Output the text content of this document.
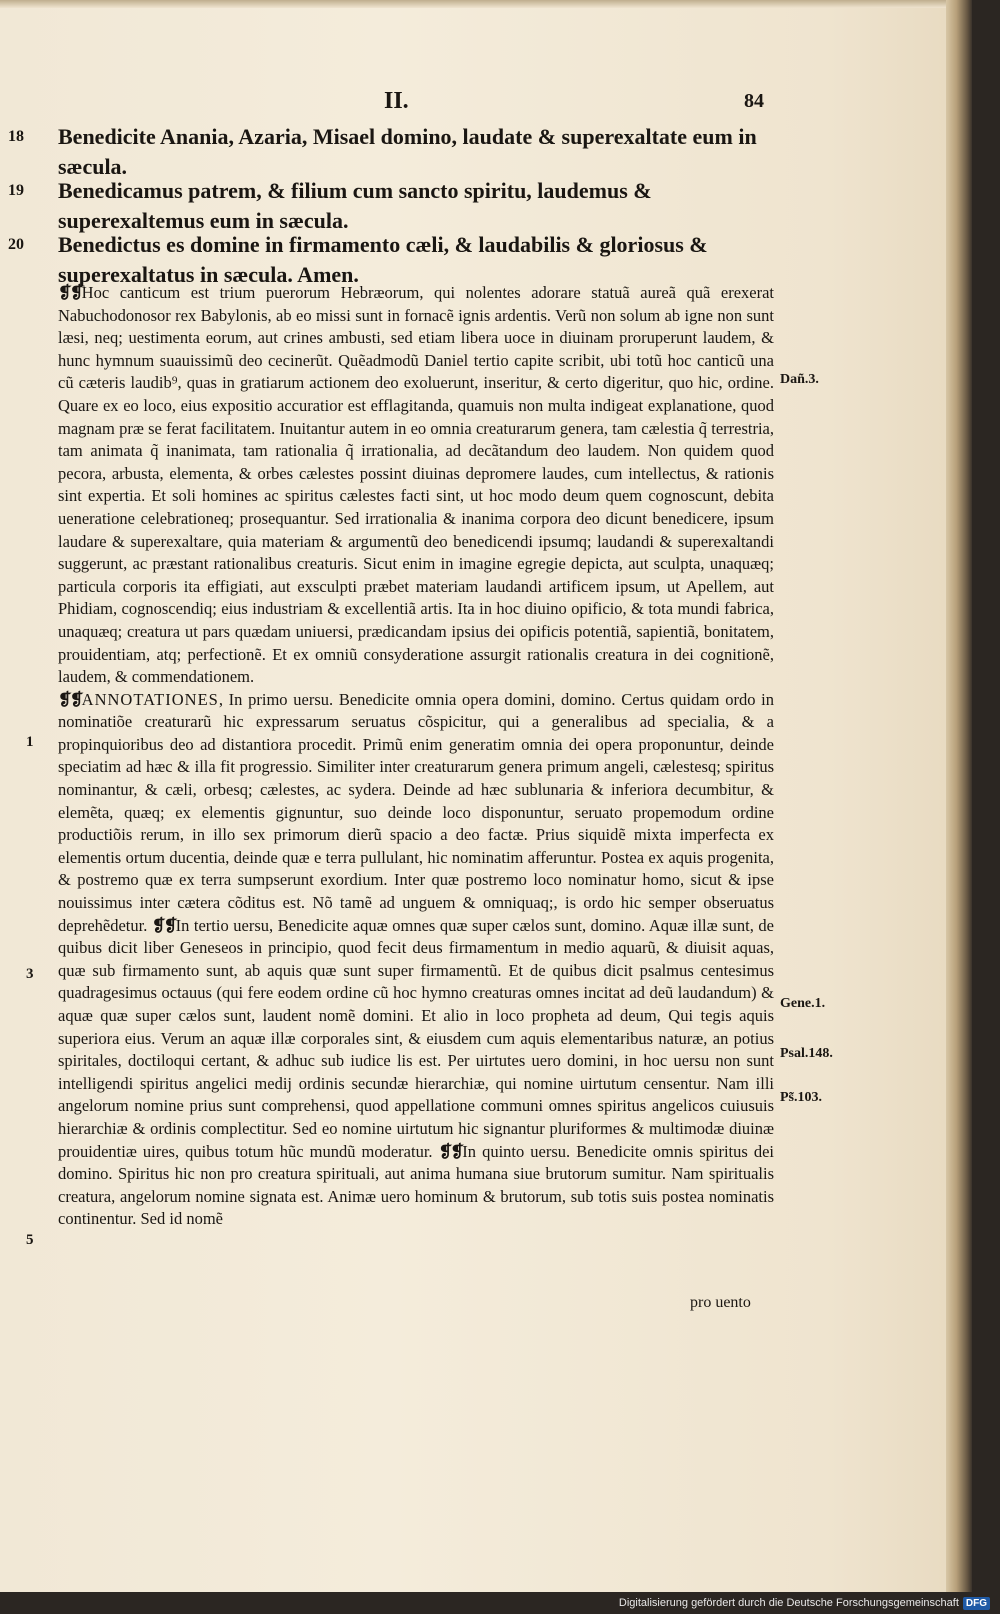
II.	84
18 Benedicite Anania, Azaria, Misael domino, laudate & superexaltate eum in sæcula.
19 Benedicamus patrem, & filium cum sancto spiritu, laudemus & superexaltemus eum in sæcula.
20 Benedictus es domine in firmamento cæli, & laudabilis & gloriosus & superexaltatus in sæcula. Amen.

❡❡Hoc canticum est trium puerorum Hebræorum, qui nolentes adorare statuã aureã quã erexerat Nabuchodonosor rex Babylonis, ab eo missi sunt in fornacẽ ignis ardentis. Verũ non solum ab igne non sunt læsi, neq; uestimenta eorum, aut crines ambusti, sed etiam libera uoce in diuinam proruperunt laudem, & hunc hymnum suauissimũ deo cecinerũt. Quẽadmodũ Daniel tertio capite scribit, ubi totũ hoc canticũ una cũ cæteris laudib⁹, quas in gratiarum actionem deo exoluerunt, inseritur, & certo digeritur, quo hic, ordine. Quare ex eo loco, eius expositio accuratior est efflagitanda, quamuis non multa indigeat explanatione, quod magnam præ se ferat facilitatem. Inuitantur autem in eo omnia creaturarum genera, tam cælestia q̃ terrestria, tam animata q̃ inanimata, tam rationalia q̃ irrationalia, ad decãtandum deo laudem. Non quidem quod pecora, arbusta, elementa, & orbes cælestes possint diuinas depromere laudes, cum intellectus, & rationis sint expertia. Et soli homines ac spiritus cælestes facti sint, ut hoc modo deum quem cognoscunt, debita ueneratione celebrationeq; prosequantur. Sed irrationalia & inanima corpora deo dicunt benedicere, ipsum laudare & superexaltare, quia materiam & argumentũ deo benedicendi ipsumq; laudandi & superexaltandi suggerunt, ac præstant rationalibus creaturis. Sicut enim in imagine egregie depicta, aut sculpta, unaquæq; particula corporis ita effigiati, aut exsculpti præbet materiam laudandi artificem ipsum, ut Apellem, aut Phidiam, cognoscendiq; eius industriam & excellentiã artis. Ita in hoc diuino opificio, & tota mundi fabrica, unaquæq; creatura ut pars quædam uniuersi, prædicandam ipsius dei opificis potentiã, sapientiã, bonitatem, prouidentiam, atq; perfectionẽ. Et ex omniũ consyderatione assurgit rationalis creatura in dei cognitionẽ, laudem, & commendationem.

❡❡ANNOTATIONES, In primo uersu. Benedicite omnia opera domini, domino. Certus quidam ordo in nominatiõe creaturarũ hic expressarum seruatus cõspicitur, qui a generalibus ad specialia, & a propinquioribus deo ad distantiora procedit. Primũ enim generatim omnia dei opera proponuntur, deinde speciatim ad hæc & illa fit progressio. Similiter inter creaturarum genera primum angeli, cælestesq; spiritus nominantur, & cæli, orbesq; cælestes, ac sydera. Deinde ad hæc sublunaria & inferiora decumbitur, & elemẽta, quæq; ex elementis gignuntur, suo deinde loco disponuntur, seruato propemodum ordine productiõis rerum, in illo sex primorum dierũ spacio a deo factæ. Prius siquidẽ mixta imperfecta ex elementis ortum ducentia, deinde quæ e terra pullulant, hic nominatim afferuntur. Postea ex aquis progenita, & postremo quæ ex terra sumpserunt exordium. Inter quæ postremo loco nominatur homo, sicut & ipse nouissimus inter cætera cõditus est. Nõ tamẽ ad unguem & omniquaq;, is ordo hic semper obseruatus deprehẽdetur. ❡❡In tertio uersu, Benedicite aquæ omnes quæ super cælos sunt, domino. Aquæ illæ sunt, de quibus dicit liber Geneseos in principio, quod fecit deus firmamentum in medio aquarũ, & diuisit aquas, quæ sub firmamento sunt, ab aquis quæ sunt super firmamentũ. Et de quibus dicit psalmus centesimus quadragesimus octauus (qui fere eodem ordine cũ hoc hymno creaturas omnes incitat ad deũ laudandum) & aquæ quæ super cælos sunt, laudent nomẽ domini. Et alio in loco propheta ad deum, Qui tegis aquis superiora eius. Verum an aquæ illæ corporales sint, & eiusdem cum aquis elementaribus naturæ, an potius spiritales, doctiloqui certant, & adhuc sub iudice lis est. Per uirtutes uero domini, in hoc uersu non sunt intelligendi spiritus angelici medij ordinis secundæ hierarchiæ, qui nomine uirtutum censentur. Nam illi angelorum nomine prius sunt comprehensi, quod appellatione communi omnes spiritus angelicos cuiusuis hierarchiæ & ordinis complectitur. Sed eo nomine uirtutum hic signantur pluriformes & multimodæ diuinæ prouidentiæ uires, quibus totum hũc mundũ moderatur. ❡❡In quinto uersu. Benedicite omnis spiritus dei domino. Spiritus hic non pro creatura spirituali, aut anima humana siue brutorum sumitur. Nam spiritualis creatura, angelorum nomine signata est. Animæ uero hominum & brutorum, sub totis suis postea nominatis continentur. Sed id nomẽ

1
3
5
Dañ.3.
Gene.1.
Psal.148.
Ps̃.103.
pro uento
Digitalisierung gefördert durch die Deutsche Forschungsgemeinschaft DFG
